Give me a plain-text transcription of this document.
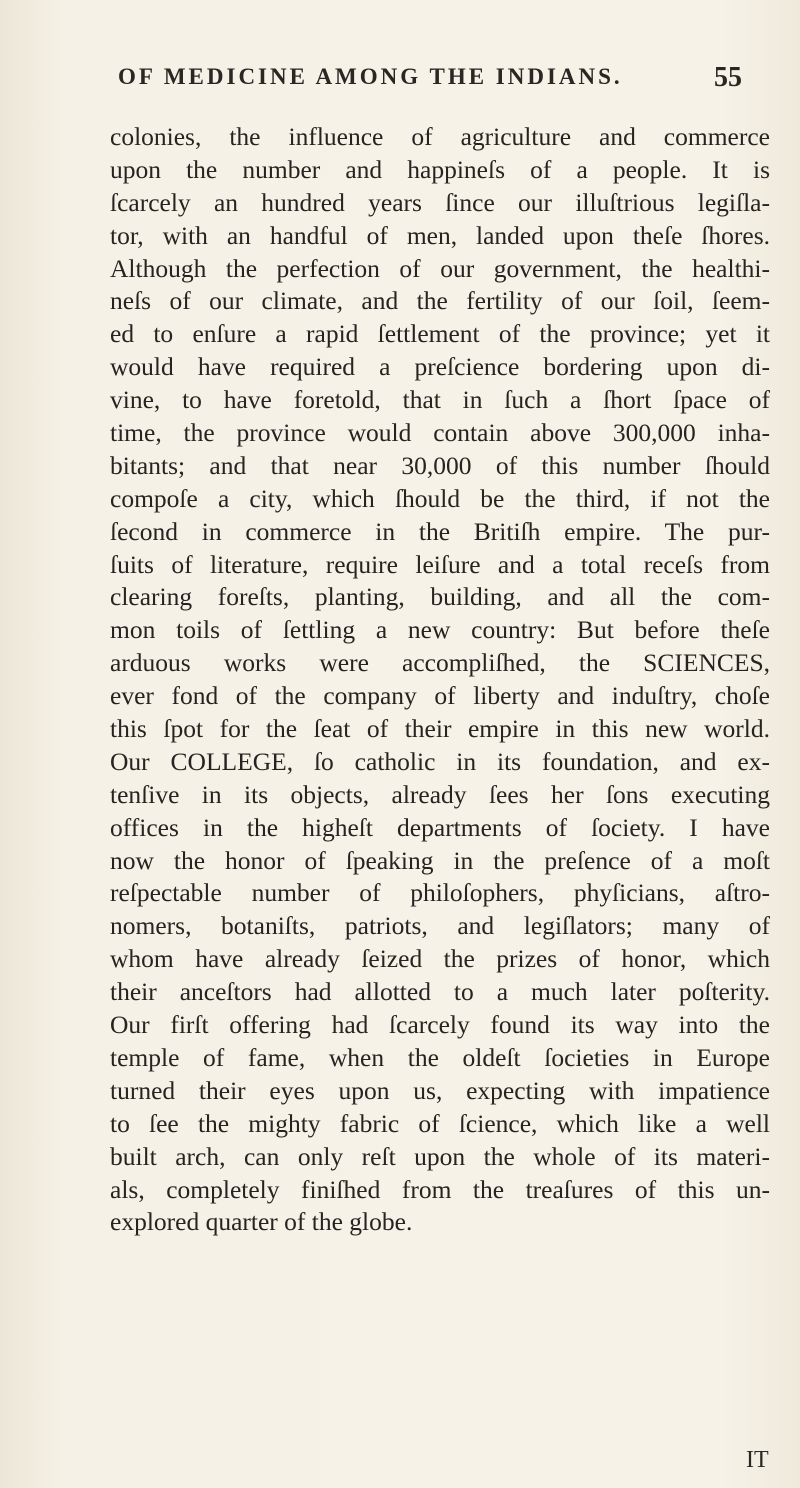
OF MEDICINE AMONG THE INDIANS.	55
colonies, the influence of agriculture and commerce
upon the number and happineſs of a people. It is
ſcarcely an hundred years ſince our illuſtrious legiſla-
tor, with an handful of men, landed upon theſe ſhores.
Although the perfection of our government, the healthi-
neſs of our climate, and the fertility of our ſoil, ſeem-
ed to enſure a rapid ſettlement of the province; yet it
would have required a preſcience bordering upon di-
vine, to have foretold, that in ſuch a ſhort ſpace of
time, the province would contain above 300,000 inha-
bitants; and that near 30,000 of this number ſhould
compoſe a city, which ſhould be the third, if not the
ſecond in commerce in the Britiſh empire. The pur-
ſuits of literature, require leiſure and a total receſs from
clearing foreſts, planting, building, and all the com-
mon toils of ſettling a new country: But before theſe
arduous works were accompliſhed, the SCIENCES,
ever fond of the company of liberty and induſtry, choſe
this ſpot for the ſeat of their empire in this new world.
Our COLLEGE, ſo catholic in its foundation, and ex-
tenſive in its objects, already ſees her ſons executing
offices in the higheſt departments of ſociety. I have
now the honor of ſpeaking in the preſence of a moſt
reſpectable number of philoſophers, phyſicians, aſtro-
nomers, botaniſts, patriots, and legiſlators; many of
whom have already ſeized the prizes of honor, which
their anceſtors had allotted to a much later poſterity.
Our firſt offering had ſcarcely found its way into the
temple of fame, when the oldeſt ſocieties in Europe
turned their eyes upon us, expecting with impatience
to ſee the mighty fabric of ſcience, which like a well
built arch, can only reſt upon the whole of its materi-
als, completely finiſhed from the treaſures of this un-
explored quarter of the globe.
IT
